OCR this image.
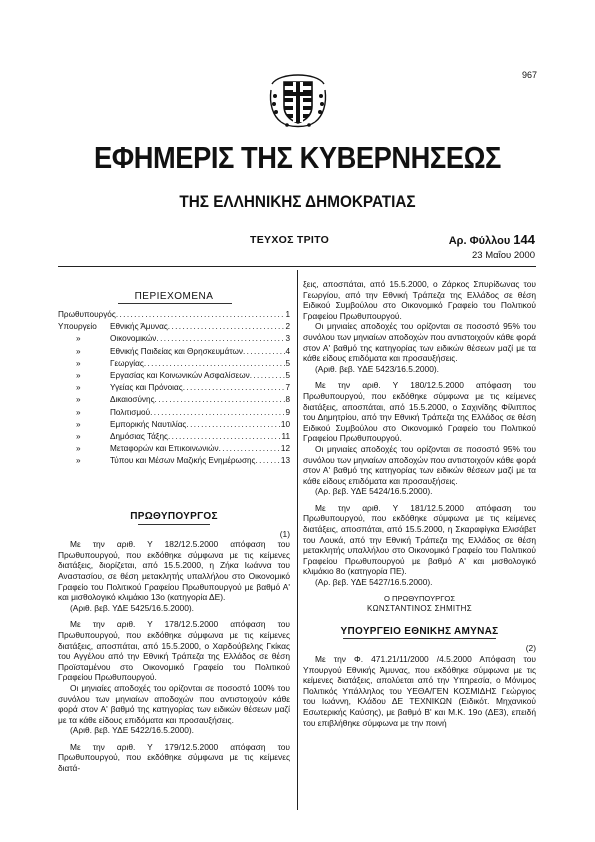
967
ΕΦΗΜΕΡΙΣ ΤΗΣ ΚΥΒΕΡΝΗΣΕΩΣ
ΤΗΣ ΕΛΛΗΝΙΚΗΣ ΔΗΜΟΚΡΑΤΙΑΣ
ΤΕΥΧΟΣ ΤΡΙΤΟ	Αρ. Φύλλου 144
23 Μαΐου 2000
ΠΕΡΙΕΧΟΜΕΝΑ
Πρωθυπουργός .....	1
Υπουργείο	Εθνικής Άμυνας .....	2
»	Οικονομικών .....	3
»	Εθνικής Παιδείας και Θρησκευμάτων .....	4
»	Γεωργίας .....	5
»	Εργασίας και Κοινωνικών Ασφαλίσεων .....	5
»	Υγείας και Πρόνοιας .....	7
»	Δικαιοσύνης .....	8
»	Πολιτισμού .....	9
»	Εμπορικής Ναυτιλίας .....	10
»	Δημόσιας Τάξης .....	11
»	Μεταφορών και Επικοινωνιών .....	12
»	Τύπου και Μέσων Μαζικής Ενημέρωσης .....	13
ΠΡΩΘΥΠΟΥΡΓΟΣ
(1)

Με την αριθ. Υ 182/12.5.2000 απόφαση του Πρωθυπουργού, που εκδόθηκε σύμφωνα με τις κείμενες διατάξεις, διορίζεται, από 15.5.2000, η Ζήκα Ιωάννα του Αναστασίου, σε θέση μετακλητής υπαλλήλου στο Οικονομικό Γραφείο του Πολιτικού Γραφείου Πρωθυπουργού με βαθμό Α' και μισθολογικό κλιμάκιο 13ο (κατηγορία ΔΕ).

(Αριθ. βεβ. ΥΔΕ 5425/16.5.2000).

Με την αριθ. Υ 178/12.5.2000 απόφαση του Πρωθυπουργού, που εκδόθηκε σύμφωνα με τις κείμενες διατάξεις, αποσπάται, από 15.5.2000, ο Χαρδούβελης Γκίκας του Αγγέλου από την Εθνική Τράπεζα της Ελλάδος σε θέση Προϊσταμένου στο Οικονομικό Γραφείο του Πολιτικού Γραφείου Πρωθυπουργού.

Οι μηνιαίες αποδοχές του ορίζονται σε ποσοστό 100% του συνόλου των μηνιαίων αποδοχών που αντιστοιχούν κάθε φορά στον Α' βαθμό της κατηγορίας των ειδικών θέσεων μαζί με τα κάθε είδους επιδόματα και προσαυξήσεις.

(Αριθ. βεβ. ΥΔΕ 5422/16.5.2000).

Με την αριθ. Υ 179/12.5.2000 απόφαση του Πρωθυπουργού, που εκδόθηκε σύμφωνα με τις κείμενες διατά-

ξεις, αποσπάται, από 15.5.2000, ο Ζάρκος Σπυρίδωνας του Γεωργίου, από την Εθνική Τράπεζα της Ελλάδος σε θέση Ειδικού Συμβούλου στο Οικονομικό Γραφείο του Πολιτικού Γραφείου Πρωθυπουργού.

Οι μηνιαίες αποδοχές του ορίζονται σε ποσοστό 95% του συνόλου των μηνιαίων αποδοχών που αντιστοιχούν κάθε φορά στον Α' βαθμό της κατηγορίας των ειδικών θέσεων μαζί με τα κάθε είδους επιδόματα και προσαυξήσεις.

(Αριθ. βεβ. ΥΔΕ 5423/16.5.2000).

Με την αριθ. Υ 180/12.5.2000 απόφαση του Πρωθυπουργού, που εκδόθηκε σύμφωνα με τις κείμενες διατάξεις, αποσπάται, από 15.5.2000, ο Σαχινίδης Φίλιππος του Δημητρίου, από την Εθνική Τράπεζα της Ελλάδος σε θέση Ειδικού Συμβούλου στο Οικονομικό Γραφείο του Πολιτικού Γραφείου Πρωθυπουργού.

Οι μηνιαίες αποδοχές του ορίζονται σε ποσοστό 95% του συνόλου των μηνιαίων αποδοχών που αντιστοιχούν κάθε φορά στον Α' βαθμό της κατηγορίας των ειδικών θέσεων μαζί με τα κάθε είδους επιδόματα και προσαυξήσεις.

(Αρ. βεβ. ΥΔΕ 5424/16.5.2000).

Με την αριθ. Υ 181/12.5.2000 απόφαση του Πρωθυπουργού, που εκδόθηκε σύμφωνα με τις κείμενες διατάξεις, αποσπάται, από 15.5.2000, η Σκαραφίγκα Ελισάβετ του Λουκά, από την Εθνική Τράπεζα της Ελλάδος σε θέση μετακλητής υπαλλήλου στο Οικονομικό Γραφείο του Πολιτικού Γραφείου Πρωθυπουργού με βαθμό Α' και μισθολογικό κλιμάκιο 8ο (κατηγορία ΠΕ).

(Αρ. βεβ. ΥΔΕ 5427/16.5.2000).

Ο ΠΡΩΘΥΠΟΥΡΓΟΣ
ΚΩΝΣΤΑΝΤΙΝΟΣ ΣΗΜΙΤΗΣ
ΥΠΟΥΡΓΕΙΟ ΕΘΝΙΚΗΣ ΑΜΥΝΑΣ
(2)

Με την Φ. 471.21/11/2000 /4.5.2000 Απόφαση του Υπουργού Εθνικής Άμυνας, που εκδόθηκε σύμφωνα με τις κείμενες διατάξεις, απολύεται από την Υπηρεσία, ο Μόνιμος Πολιτικός Υπάλληλος του ΥΕΘΑ/ΓΕΝ ΚΟΣΜΙΔΗΣ Γεώργιος του Ιωάννη, Κλάδου ΔΕ ΤΕΧΝΙΚΩΝ (Ειδικότ. Μηχανικού Εσωτερικής Καύσης), με βαθμό Β' και Μ.Κ. 19ο (ΔΕ3), επειδή του επιβλήθηκε σύμφωνα με την ποινή
